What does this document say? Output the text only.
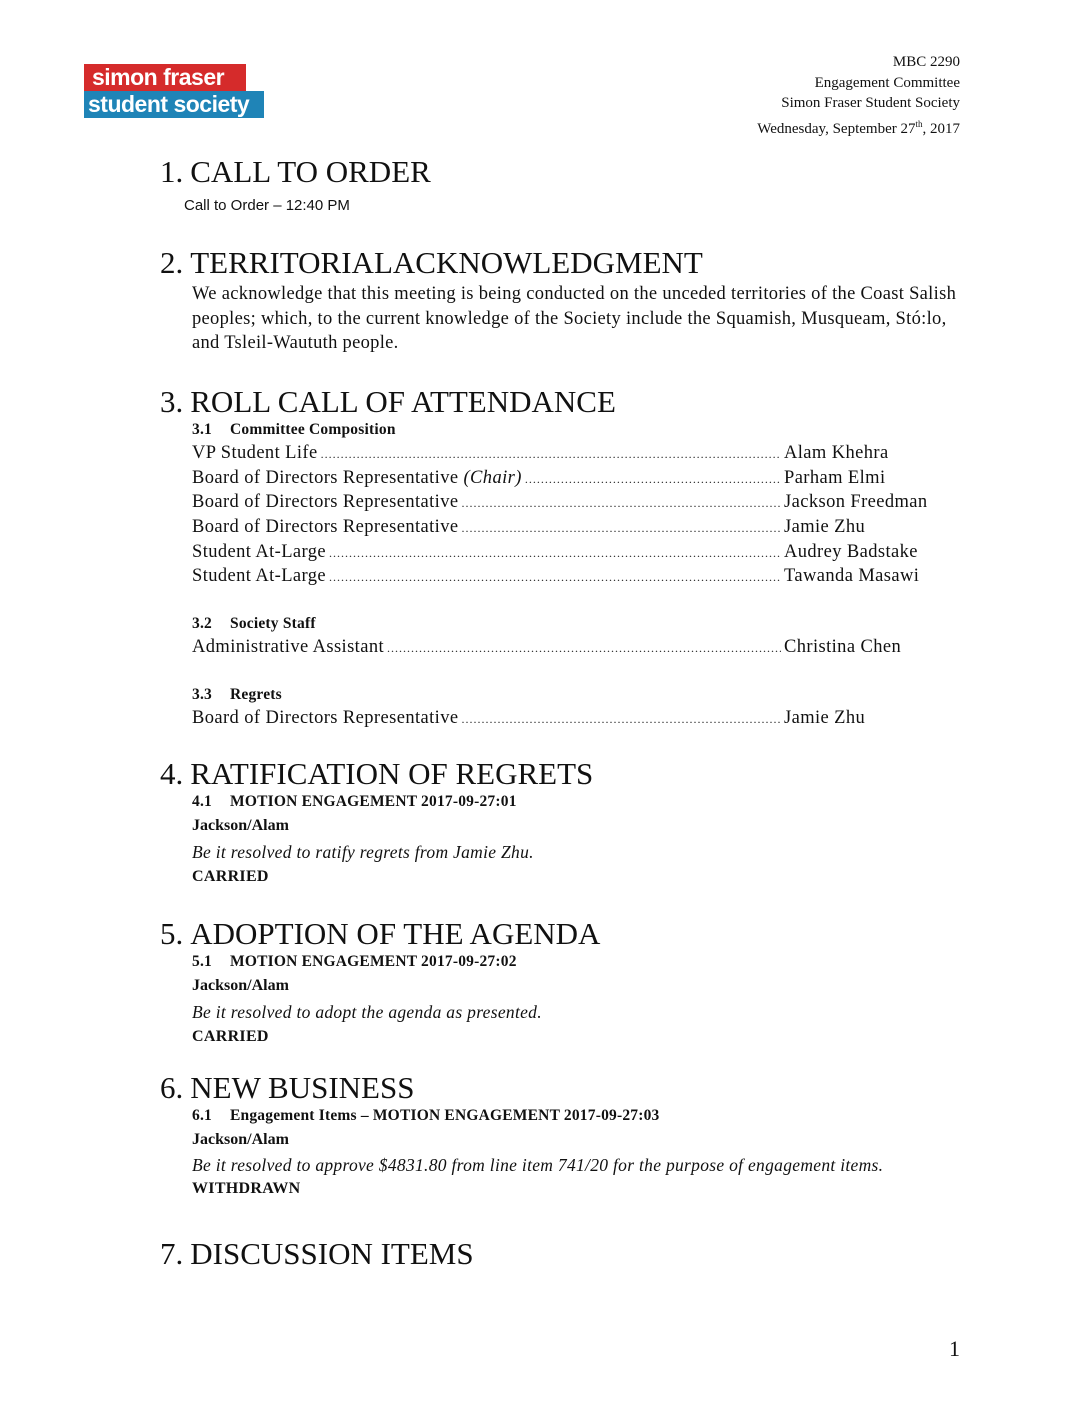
simon fraser
student society
MBC 2290
Engagement Committee
Simon Fraser Student Society
Wednesday, September 27th, 2017
1. CALL TO ORDER
Call to Order – 12:40 PM
2. TERRITORIALACKNOWLEDGMENT
We acknowledge that this meeting is being conducted on the unceded territories of the Coast Salish peoples; which, to the current knowledge of the Society include the Squamish, Musqueam, Stó:lo, and Tsleil-Waututh people.
3. ROLL CALL OF ATTENDANCE
3.1 Committee Composition
VP Student Life .....	Alam Khehra
Board of Directors Representative (Chair) .....	Parham Elmi
Board of Directors Representative .....	Jackson Freedman
Board of Directors Representative .....	Jamie Zhu
Student At-Large .....	Audrey Badstake
Student At-Large .....	Tawanda Masawi
3.2 Society Staff
Administrative Assistant .....	Christina Chen
3.3 Regrets
Board of Directors Representative .....	Jamie Zhu
4. RATIFICATION OF REGRETS
4.1 MOTION ENGAGEMENT 2017-09-27:01
Jackson/Alam
Be it resolved to ratify regrets from Jamie Zhu.
CARRIED
5. ADOPTION OF THE AGENDA
5.1 MOTION ENGAGEMENT 2017-09-27:02
Jackson/Alam
Be it resolved to adopt the agenda as presented.
CARRIED
6. NEW BUSINESS
6.1 Engagement Items – MOTION ENGAGEMENT 2017-09-27:03
Jackson/Alam
Be it resolved to approve $4831.80 from line item 741/20 for the purpose of engagement items.
WITHDRAWN
7. DISCUSSION ITEMS
1
